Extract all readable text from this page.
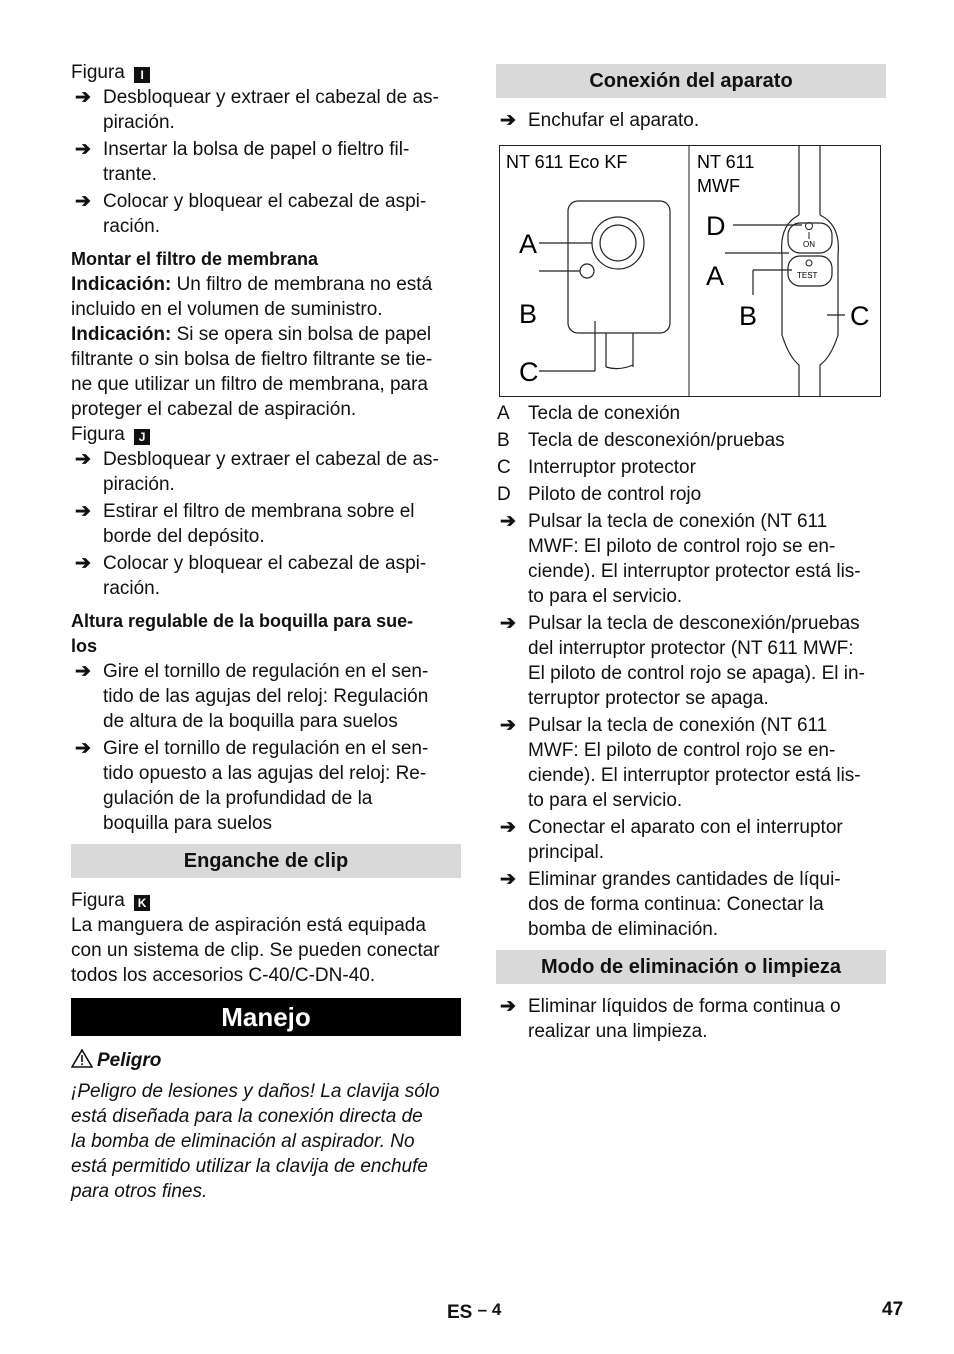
Figura I

➔ Desbloquear y extraer el cabezal de as-
piración.
➔ Insertar la bolsa de papel o fieltro fil-
trante.
➔ Colocar y bloquear el cabezal de aspi-
ración.

Montar el filtro de membrana

Indicación: Un filtro de membrana no está
incluido en el volumen de suministro.
Indicación: Si se opera sin bolsa de papel
filtrante o sin bolsa de fieltro filtrante se tie-
ne que utilizar un filtro de membrana, para
proteger el cabezal de aspiración.

Figura J

➔ Desbloquear y extraer el cabezal de as-
piración.
➔ Estirar el filtro de membrana sobre el
borde del depósito.
➔ Colocar y bloquear el cabezal de aspi-
ración.

Altura regulable de la boquilla para sue-
los

➔ Gire el tornillo de regulación en el sen-
tido de las agujas del reloj: Regulación
de altura de la boquilla para suelos
➔ Gire el tornillo de regulación en el sen-
tido opuesto a las agujas del reloj: Re-
gulación de la profundidad de la
boquilla para suelos
Enganche de clip

Figura K

La manguera de aspiración está equipada
con un sistema de clip. Se pueden conectar
todos los accesorios C-40/C-DN-40.
Manejo
Peligro
¡Peligro de lesiones y daños! La clavija sólo
está diseñada para la conexión directa de
la bomba de eliminación al aspirador. No
está permitido utilizar la clavija de enchufe
para otros fines.
Conexión del aparato
➔ Enchufar el aparato.
NT 611 Eco KF	NT 611
MWF
A
B
C
ON
TEST
D
A
B	C
A Tecla de conexión
B Tecla de desconexión/pruebas
C Interruptor protector
D Piloto de control rojo
➔ Pulsar la tecla de conexión (NT 611
MWF: El piloto de control rojo se en-
ciende). El interruptor protector está lis-
to para el servicio.
➔ Pulsar la tecla de desconexión/pruebas
del interruptor protector (NT 611 MWF:
El piloto de control rojo se apaga). El in-
terruptor protector se apaga.
➔ Pulsar la tecla de conexión (NT 611
MWF: El piloto de control rojo se en-
ciende). El interruptor protector está lis-
to para el servicio.
➔ Conectar el aparato con el interruptor
principal.
➔ Eliminar grandes cantidades de líqui-
dos de forma continua: Conectar la
bomba de eliminación.
Modo de eliminación o limpieza
➔ Eliminar líquidos de forma continua o
realizar una limpieza.
ES – 4	47
